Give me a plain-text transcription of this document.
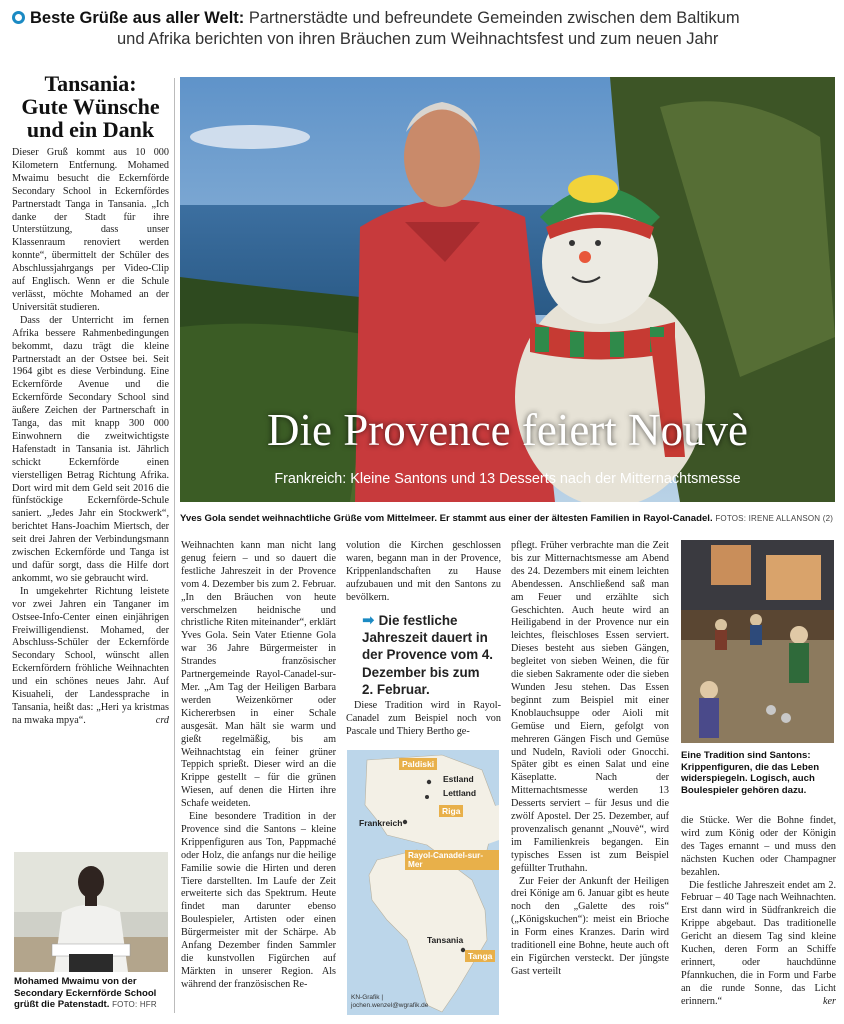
Beste Grüße aus aller Welt: Partnerstädte und befreundete Gemeinden zwischen dem Baltikum
und Afrika berichten von ihren Bräuchen zum Weihnachtsfest und zum neuen Jahr
Tansania:
Gute Wünsche
und ein Dank

Dieser Gruß kommt aus 10 000 Kilometern Entfernung. Mohamed Mwaimu besucht die Eckernförde Secondary School in Eckernfördes Partnerstadt Tanga in Tansania. „Ich danke der Stadt für ihre Unterstützung, dass unser Klassenraum renoviert werden konnte“, übermittelt der Schüler des Abschlussjahrgangs per Video-Clip auf Englisch. Wenn er die Schule verlässt, möchte Mohamed an der Universität studieren.

Dass der Unterricht im fernen Afrika bessere Rahmenbedingungen bekommt, dazu trägt die kleine Partnerstadt an der Ostsee bei. Seit 1964 gibt es diese Verbindung. Eine Eckernförde Avenue und die Eckernförde Secondary School sind äußere Zeichen der Partnerschaft in Tanga, das mit knapp 300 000 Einwohnern die zweitwichtigste Hafenstadt in Tansania ist. Jährlich schickt Eckernförde einen vierstelligen Betrag Richtung Afrika. Dort wird mit dem Geld seit 2016 die fünfstöckige Eckernförde-Schule saniert. „Jedes Jahr ein Stockwerk“, berichtet Hans-Joachim Miertsch, der seit drei Jahren der Verbindungsmann zwischen Eckernförde und Tanga ist und dafür sorgt, dass die Hilfe dort ankommt, wo sie gebraucht wird.

In umgekehrter Richtung leistete vor zwei Jahren ein Tanganer im Ostsee-Info-Center einen einjährigen Freiwilligendienst. Mohamed, der Abschluss-Schüler der Eckernförde Secondary School, wünscht allen Eckernfördern fröhliche Weihnachten und ein schönes neues Jahr. Auf Kisuaheli, der Landessprache in Tansania, heißt das: „Heri ya kristmas na mwaka mpya“.	crd

Mohamed Mwaimu von der Secondary Eckernförde School grüßt die Patenstadt. FOTO: HFR
Die Provence feiert Nouvè
Frankreich: Kleine Santons und 13 Desserts nach der Mitternachtsmesse
Yves Gola sendet weihnachtliche Grüße vom Mittelmeer. Er stammt aus einer der ältesten Familien in Rayol-Canadel. FOTOS: IRENE ALLANSON (2)

Weihnachten kann man nicht lang genug feiern – und so dauert die festliche Jahreszeit in der Provence vom 4. Dezember bis zum 2. Februar. „In den Bräuchen von heute verschmelzen heidnische und christliche Riten miteinander“, erklärt Yves Gola. Sein Vater Etienne Gola war 36 Jahre Bürgermeister in Strandes französischer Partnergemeinde Rayol-Canadel-sur-Mer. „Am Tag der Heiligen Barbara werden Weizenkörner oder Kichererbsen in einer Schale ausgesät. Man hält sie warm und gießt regelmäßig, bis am Weihnachtstag ein feiner grüner Teppich sprießt. Dieser wird an die Krippe gestellt – für die grünen Wiesen, auf denen die Hirten ihre Schafe weideten.

Eine besondere Tradition in der Provence sind die Santons – kleine Krippenfiguren aus Ton, Pappmaché oder Holz, die anfangs nur die heilige Familie sowie die Hirten und deren Tiere darstellten. Im Laufe der Zeit erweiterte sich das Spektrum. Heute findet man darunter ebenso Boulespieler, Artisten oder einen Bürgermeister mit der Schärpe. Ab Anfang Dezember finden Sammler die kunstvollen Figürchen auf Märkten in unserer Region. Als während der französischen Re-

volution die Kirchen geschlossen waren, begann man in der Provence, Krippenlandschaften zu Hause aufzubauen und mit den Santons zu bevölkern.

➡ Die festliche Jahreszeit dauert in der Provence vom 4. Dezember bis zum 2. Februar.

Diese Tradition wird in Rayol-Canadel zum Beispiel noch von Pascale und Thiery Bertho ge-

Paldiski
Estland
Lettland
Riga
Frankreich
Rayol-Canadel-sur-Mer
Tansania
Tanga
KN-Grafik |
jochen.wenzel@wgrafik.de

pflegt. Früher verbrachte man die Zeit bis zur Mitternachtsmesse am Abend des 24. Dezembers mit einem leichten Abendessen. Anschließend saß man am Feuer und erzählte sich Geschichten. Auch heute wird an Heiligabend in der Provence nur ein leichtes, fleischloses Essen serviert. Dieses besteht aus sieben Gängen, begleitet von sieben Weinen, die für die sieben Sakramente oder die sieben Wunden Jesu stehen. Das Essen beginnt zum Beispiel mit einer Knoblauchsuppe oder Aioli mit Gemüse und Eiern, gefolgt von mehreren Gängen Fisch und Gemüse und Nudeln, Ravioli oder Gnocchi. Später gibt es einen Salat und eine Käseplatte. Nach der Mitternachtsmesse werden 13 Desserts serviert – für Jesus und die zwölf Apostel. Der 25. Dezember, auf provenzalisch genannt „Nouvè“, wird im Familienkreis begangen. Ein typisches Essen ist zum Beispiel gefüllter Truthahn.

Zur Feier der Ankunft der Heiligen drei Könige am 6. Januar gibt es heute noch den „Galette des rois“ („Königskuchen“): meist ein Brioche in Form eines Kranzes. Darin wird traditionell eine Bohne, heute auch oft ein Figürchen versteckt. Der jüngste Gast verteilt

Eine Tradition sind Santons: Krippenfiguren, die das Leben widerspiegeln. Logisch, auch Boulespieler gehören dazu.

die Stücke. Wer die Bohne findet, wird zum König oder der Königin des Tages ernannt – und muss den nächsten Kuchen oder Champagner bezahlen.

Die festliche Jahreszeit endet am 2. Februar – 40 Tage nach Weihnachten. Erst dann wird in Südfrankreich die Krippe abgebaut. Das traditionelle Gericht an diesem Tag sind kleine Kuchen, deren Form an Schiffe erinnert, oder hauchdünne Pfannkuchen, die in Form und Farbe an die runde Sonne, das Licht erinnern.“	ker
